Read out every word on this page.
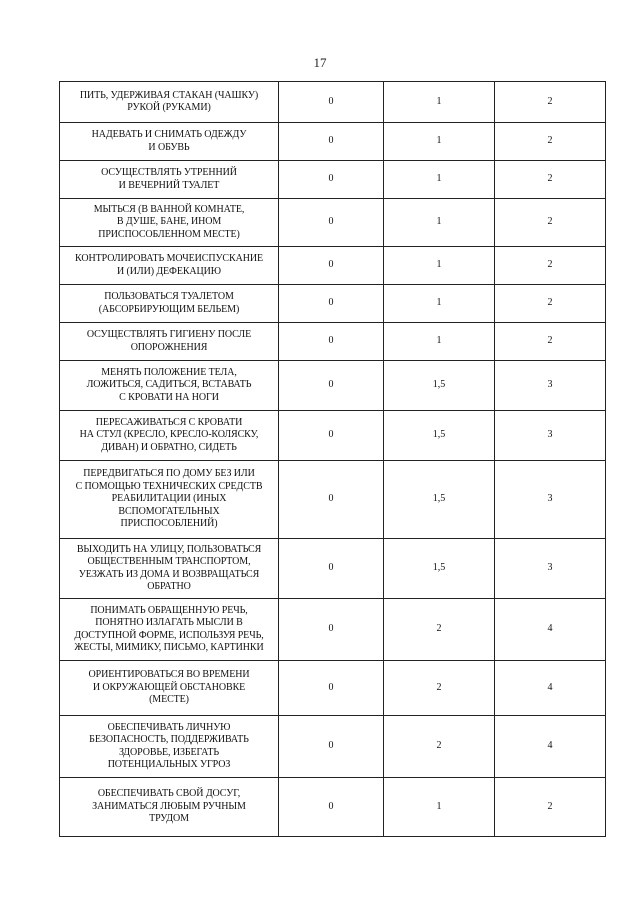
17
ПИТЬ, УДЕРЖИВАЯ СТАКАН (ЧАШКУ)
РУКОЙ (РУКАМИ)	0	1	2
НАДЕВАТЬ И СНИМАТЬ ОДЕЖДУ
И ОБУВЬ	0	1	2
ОСУЩЕСТВЛЯТЬ УТРЕННИЙ
И ВЕЧЕРНИЙ ТУАЛЕТ	0	1	2
МЫТЬСЯ (В ВАННОЙ КОМНАТЕ,
В ДУШЕ, БАНЕ, ИНОМ
ПРИСПОСОБЛЕННОМ МЕСТЕ)	0	1	2
КОНТРОЛИРОВАТЬ МОЧЕИСПУСКАНИЕ
И (ИЛИ) ДЕФЕКАЦИЮ	0	1	2
ПОЛЬЗОВАТЬСЯ ТУАЛЕТОМ
(АБСОРБИРУЮЩИМ БЕЛЬЕМ)	0	1	2
ОСУЩЕСТВЛЯТЬ ГИГИЕНУ ПОСЛЕ
ОПОРОЖНЕНИЯ	0	1	2
МЕНЯТЬ ПОЛОЖЕНИЕ ТЕЛА,
ЛОЖИТЬСЯ, САДИТЬСЯ, ВСТАВАТЬ
С КРОВАТИ НА НОГИ	0	1,5	3
ПЕРЕСАЖИВАТЬСЯ С КРОВАТИ
НА СТУЛ (КРЕСЛО, КРЕСЛО-КОЛЯСКУ,
ДИВАН) И ОБРАТНО, СИДЕТЬ	0	1,5	3
ПЕРЕДВИГАТЬСЯ ПО ДОМУ БЕЗ ИЛИ
С ПОМОЩЬЮ ТЕХНИЧЕСКИХ СРЕДСТВ
РЕАБИЛИТАЦИИ (ИНЫХ
ВСПОМОГАТЕЛЬНЫХ
ПРИСПОСОБЛЕНИЙ)	0	1,5	3
ВЫХОДИТЬ НА УЛИЦУ, ПОЛЬЗОВАТЬСЯ
ОБЩЕСТВЕННЫМ ТРАНСПОРТОМ,
УЕЗЖАТЬ ИЗ ДОМА И ВОЗВРАЩАТЬСЯ
ОБРАТНО	0	1,5	3
ПОНИМАТЬ ОБРАЩЕННУЮ РЕЧЬ,
ПОНЯТНО ИЗЛАГАТЬ МЫСЛИ В
ДОСТУПНОЙ ФОРМЕ, ИСПОЛЬЗУЯ РЕЧЬ,
ЖЕСТЫ, МИМИКУ, ПИСЬМО, КАРТИНКИ	0	2	4
ОРИЕНТИРОВАТЬСЯ ВО ВРЕМЕНИ
И ОКРУЖАЮЩЕЙ ОБСТАНОВКЕ
(МЕСТЕ)	0	2	4
ОБЕСПЕЧИВАТЬ ЛИЧНУЮ
БЕЗОПАСНОСТЬ, ПОДДЕРЖИВАТЬ
ЗДОРОВЬЕ, ИЗБЕГАТЬ
ПОТЕНЦИАЛЬНЫХ УГРОЗ	0	2	4
ОБЕСПЕЧИВАТЬ СВОЙ ДОСУГ,
ЗАНИМАТЬСЯ ЛЮБЫМ РУЧНЫМ
ТРУДОМ	0	1	2
